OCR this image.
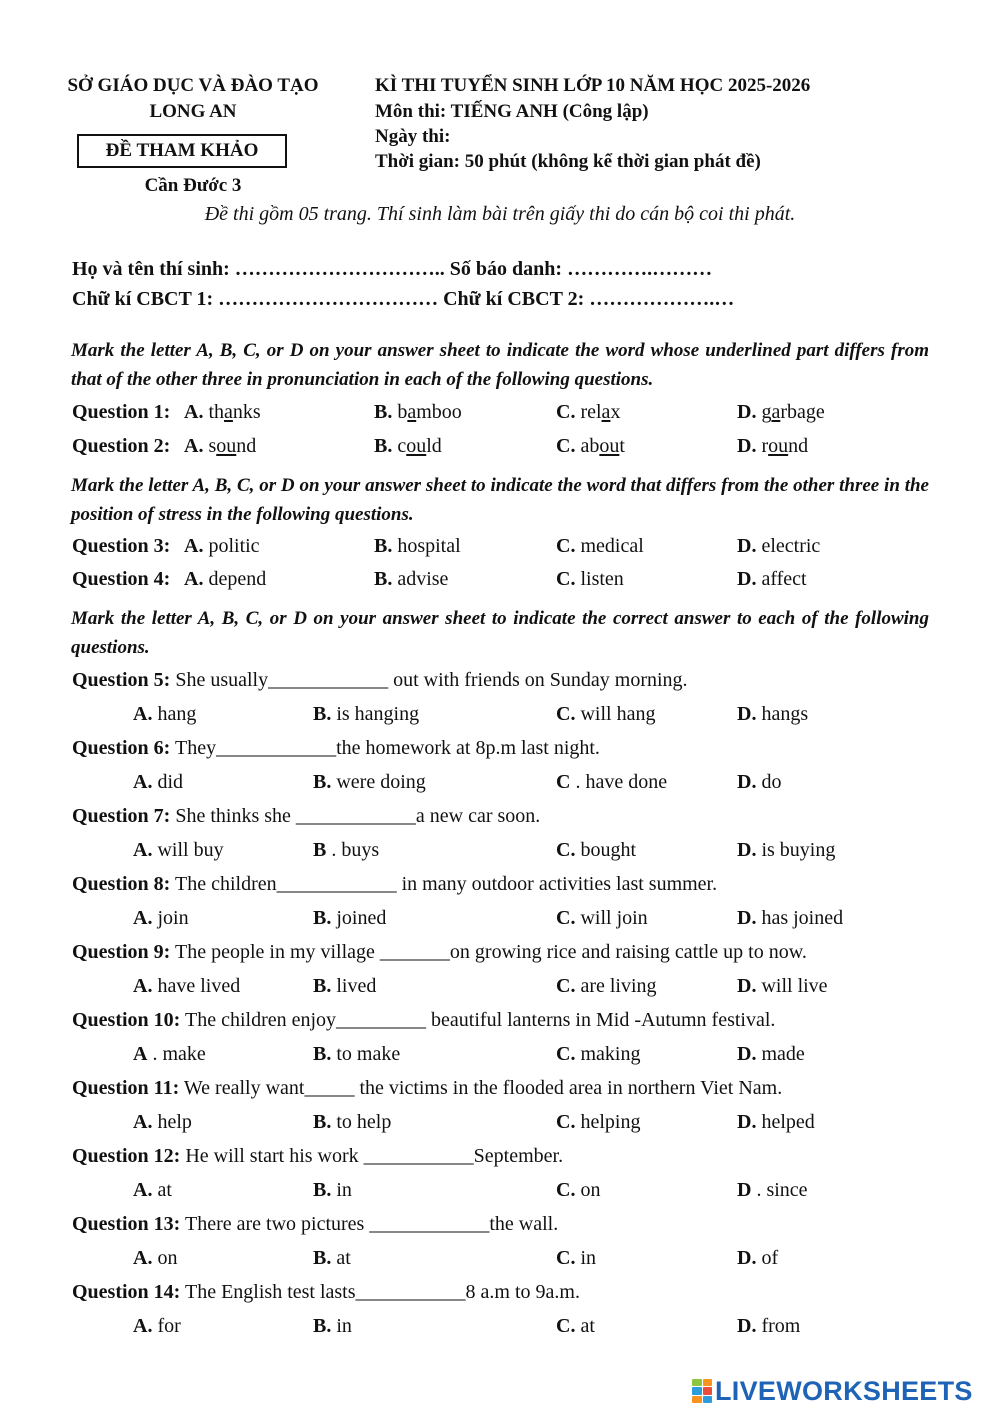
SỞ GIÁO DỤC VÀ ĐÀO TẠO
LONG AN
KÌ THI TUYỂN SINH LỚP 10 NĂM HỌC 2025-2026
Môn thi: TIẾNG ANH (Công lập)
Ngày thi:
Thời gian: 50 phút (không kể thời gian phát đề)
ĐỀ THAM KHẢO
Cần Đước 3
Đề thi gồm 05 trang. Thí sinh làm bài trên giấy thi do cán bộ coi thi phát.
Họ và tên thí sinh: ………………………….. Số báo danh: ………….………
Chữ kí CBCT 1: …………………………… Chữ kí CBCT 2: ……………….…
Mark the letter A, B, C, or D on your answer sheet to indicate the word whose underlined part differs from that of the other three in pronunciation in each of the following questions.
Question 1: A. thanks	B. bamboo	C. relax	D. garbage
Question 2: A. sound	B. could	C. about	D. round
Mark the letter A, B, C, or D on your answer sheet to indicate the word that differs from the other three in the position of stress in the following questions.
Question 3: A. politic	B. hospital	C. medical	D. electric
Question 4: A. depend	B. advise	C. listen	D. affect
Mark the letter A, B, C, or D on your answer sheet to indicate the correct answer to each of the following questions.
Question 5: She usually____________ out with friends on Sunday morning.
A. hang	B. is hanging	C. will hang	D. hangs
Question 6: They____________the homework at 8p.m last night.
A. did	B. were doing	C . have done	D. do
Question 7: She thinks she ____________a new car soon.
A. will buy	B . buys	C. bought	D. is buying
Question 8: The children____________ in many outdoor activities last summer.
A. join	B. joined	C. will join	D. has joined
Question 9: The people in my village _______on growing rice and raising cattle up to now.
A. have lived	B. lived	C. are living	D. will live
Question 10: The children enjoy_________ beautiful lanterns in Mid -Autumn festival.
A . make	B. to make	C. making	D. made
Question 11: We really want_____ the victims in the flooded area in northern Viet Nam.
A. help	B. to help	C. helping	D. helped
Question 12: He will start his work ___________September.
A. at	B. in	C. on	D . since
Question 13: There are two pictures ____________the wall.
A. on	B. at	C. in	D. of
Question 14: The English test lasts___________8 a.m to 9a.m.
A. for	B. in	C. at	D. from
LIVEWORKSHEETS
